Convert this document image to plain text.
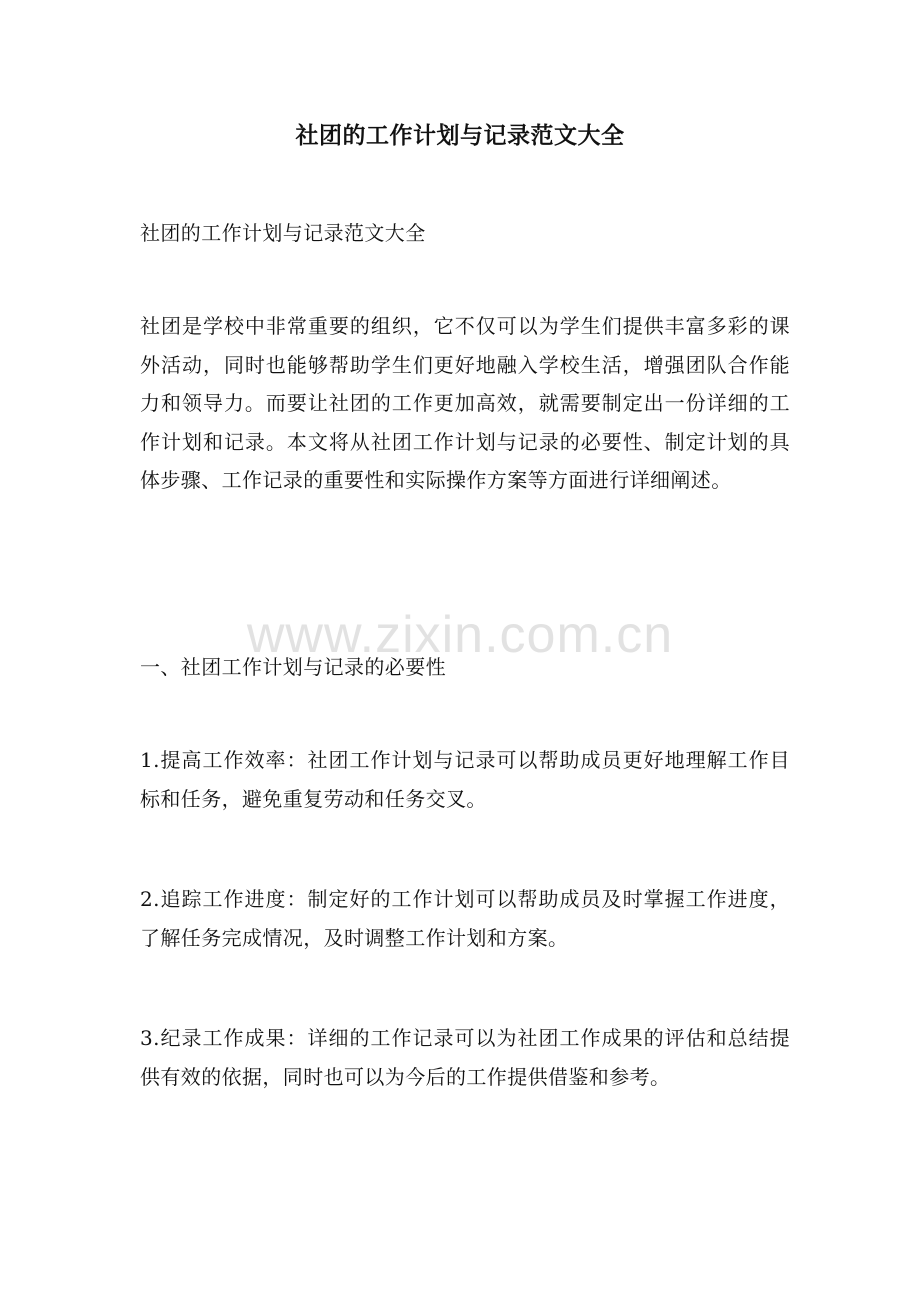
社团的工作计划与记录范文大全

社团的工作计划与记录范文大全

社团是学校中非常重要的组织，它不仅可以为学生们提供丰富多彩的课外活动，同时也能够帮助学生们更好地融入学校生活，增强团队合作能力和领导力。而要让社团的工作更加高效，就需要制定出一份详细的工作计划和记录。本文将从社团工作计划与记录的必要性、制定计划的具体步骤、工作记录的重要性和实际操作方案等方面进行详细阐述。

一、社团工作计划与记录的必要性

1.提高工作效率：社团工作计划与记录可以帮助成员更好地理解工作目标和任务，避免重复劳动和任务交叉。

2.追踪工作进度：制定好的工作计划可以帮助成员及时掌握工作进度，了解任务完成情况，及时调整工作计划和方案。

3.纪录工作成果：详细的工作记录可以为社团工作成果的评估和总结提供有效的依据，同时也可以为今后的工作提供借鉴和参考。

www.zixin.com.cn
